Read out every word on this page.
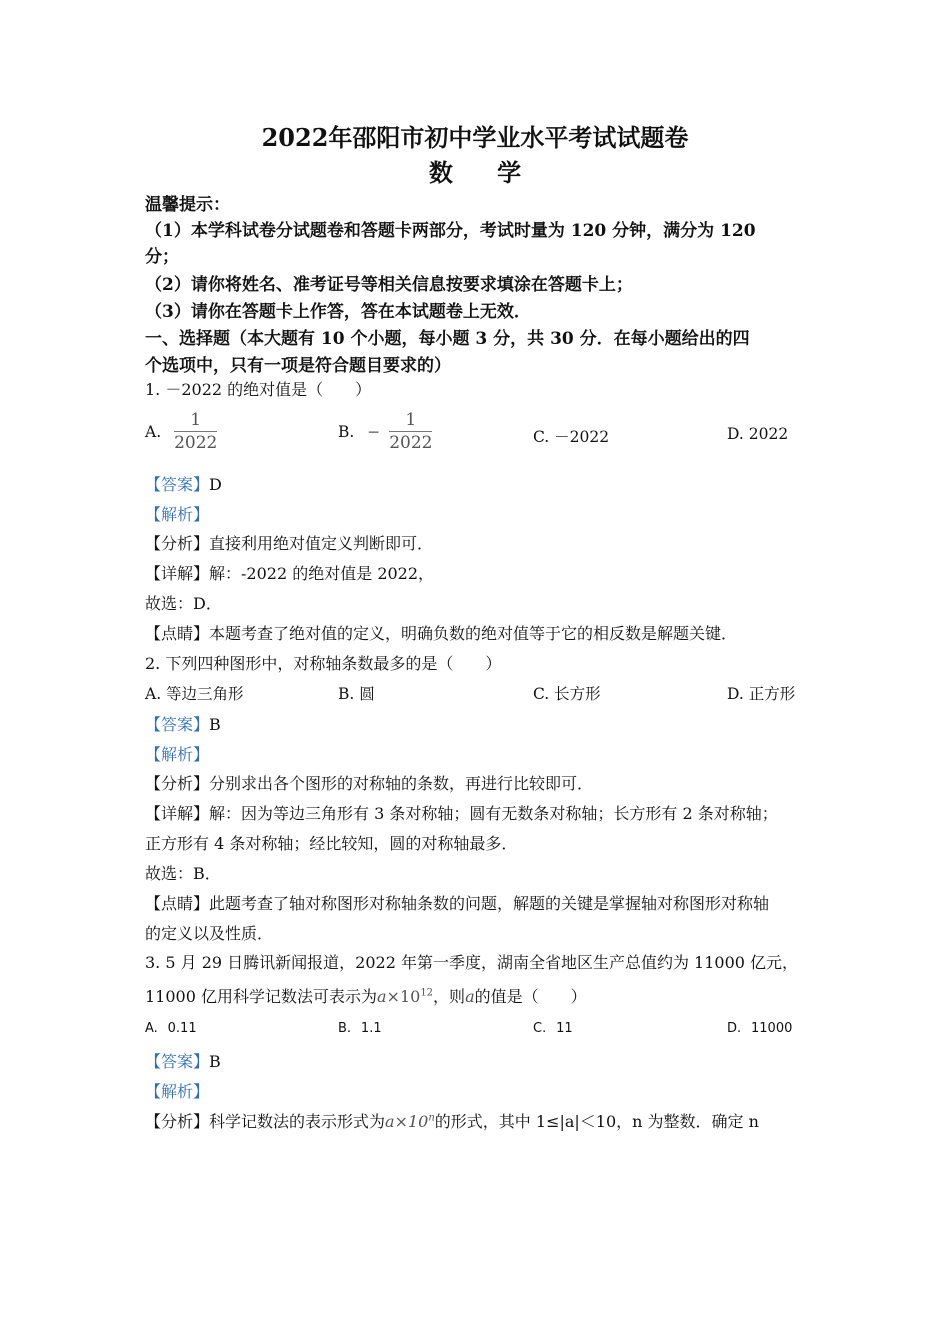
2022年邵阳市初中学业水平考试试题卷
数 学
温馨提示：
（1）本学科试卷分试题卷和答题卡两部分，考试时量为 120 分钟，满分为 120
分；
（2）请你将姓名、准考证号等相关信息按要求填涂在答题卡上；
（3）请你在答题卡上作答，答在本试题卷上无效．
一、选择题（本大题有 10 个小题，每小题 3 分，共 30 分．在每小题给出的四
个选项中，只有一项是符合题目要求的）
1. －2022 的绝对值是（　　）
A. $\frac{1}{2022}$	B. − $\frac{1}{2022}$	C. －2022	D. 2022
【答案】D
【解析】
【分析】直接利用绝对值定义判断即可．
【详解】解：-2022 的绝对值是 2022，
故选：D．
【点睛】本题考查了绝对值的定义，明确负数的绝对值等于它的相反数是解题关键．
2. 下列四种图形中，对称轴条数最多的是（　　）
A. 等边三角形	B. 圆	C. 长方形	D. 正方形
【答案】B
【解析】
【分析】分别求出各个图形的对称轴的条数，再进行比较即可．
【详解】解：因为等边三角形有 3 条对称轴；圆有无数条对称轴；长方形有 2 条对称轴；
正方形有 4 条对称轴；经比较知，圆的对称轴最多．
故选：B．
【点睛】此题考查了轴对称图形对称轴条数的问题，解题的关键是掌握轴对称图形对称轴
的定义以及性质．
3. 5 月 29 日腾讯新闻报道，2022 年第一季度，湖南全省地区生产总值约为 11000 亿元，
11000 亿用科学记数法可表示为$a\times 10^{12}$，则a的值是（　　）
A. 0.11	B. 1.1	C. 11	D. 11000
【答案】B
【解析】
【分析】科学记数法的表示形式为$a\times 10^n$的形式，其中 1≤|a|＜10，n 为整数．确定 n
